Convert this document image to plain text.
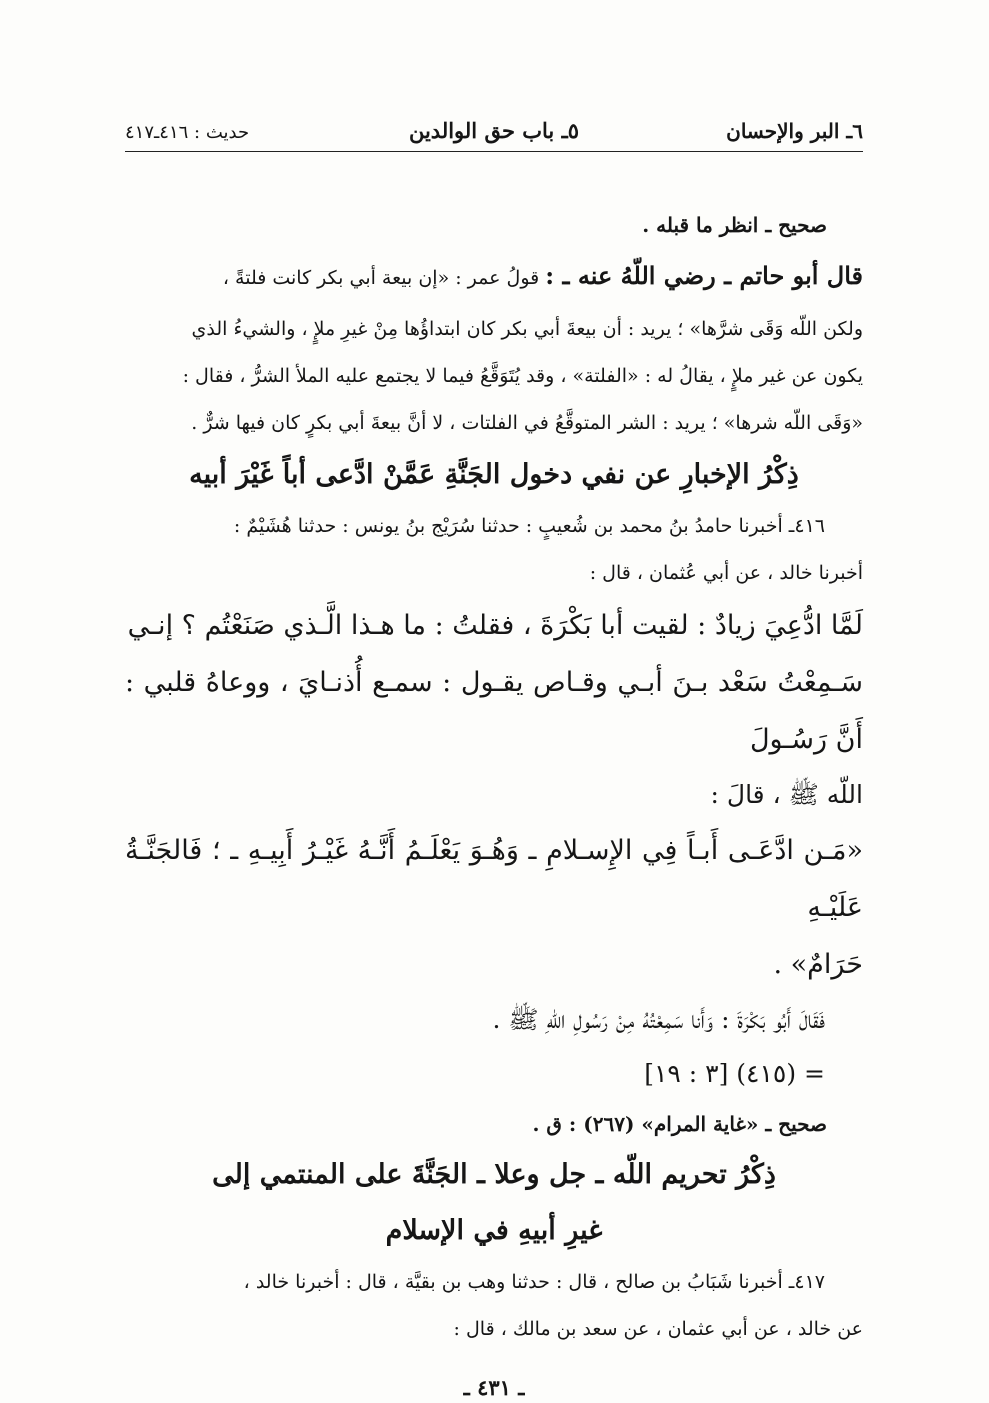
٦ـ البر والإحسان
٥ـ باب حق الوالدين
حديث : ٤١٦ـ٤١٧
صحيح ـ انظر ما قبله .
قال أبو حاتم ـ رضي اللّهُ عنه ـ : قولُ عمر : «إن بيعة أبي بكر كانت فلتةً ،
ولكن اللّه وَقَى شرَّها» ؛ يريد : أن بيعةَ أبي بكر كان ابتداؤُها مِنْ غيرِ ملإٍ ، والشيءُ الذي
يكون عن غير ملإٍ ، يقالُ له : «الفلتة» ، وقد يُتَوَقَّعُ فيما لا يجتمع عليه الملأ الشرُّ ، فقال :
«وَقَى اللّه شرها» ؛ يريد : الشر المتوقَّعُ في الفلتات ، لا أنَّ بيعةَ أبي بكرٍ كان فيها شرٌّ .
ذِكْرُ الإخبارِ عن نفي دخول الجَنَّةِ عَمَّنْ ادَّعى أباً غَيْرَ أبيه
٤١٦ـ أخبرنا حامدُ بنُ محمد بن شُعيبٍ : حدثنا سُرَيْج بنُ يونس : حدثنا هُشَيْمٌ :
أخبرنا خالد ، عن أبي عُثمان ، قال :
لَمَّا ادُّعِيَ زيادٌ : لقيت أبا بَكْرَةَ ، فقلتُ : ما هـذا الَّـذي صَنَعْتُم ؟ إنـي
سَـمِعْتُ سَعْد بـنَ أبـي وقـاص يقـول : سمـع أُذنـايَ ، ووعاهُ قلبي : أَنَّ رَسُـولَ
اللّه ﷺ ، قالَ :
«مَـن ادَّعَـى أَبـاً فِي الإِسـلامِ ـ وَهُـوَ يَعْلَـمُ أَنَّـهُ غَيْـرُ أَبِيـهِ ـ ؛ فَالجَنَّـةُ عَلَيْـهِ
حَرَامٌ» .
فَقَالَ أَبُو بَكْرَةَ : وَأَنا سَمِعْتُهُ مِنْ رَسُولِ اللّهِ ﷺ .
= (٤١٥) [٣ : ١٩]
صحيح ـ «غاية المرام» (٢٦٧) : ق .
ذِكْرُ تحريم اللّه ـ جل وعلا ـ الجَنَّةَ على المنتمي إلى
غيرِ أبيهِ في الإسلام
٤١٧ـ أخبرنا شَبَابُ بن صالح ، قال : حدثنا وهب بن بقيَّة ، قال : أخبرنا خالد ،
عن خالد ، عن أبي عثمان ، عن سعد بن مالك ، قال :
ـ ٤٣١ ـ
